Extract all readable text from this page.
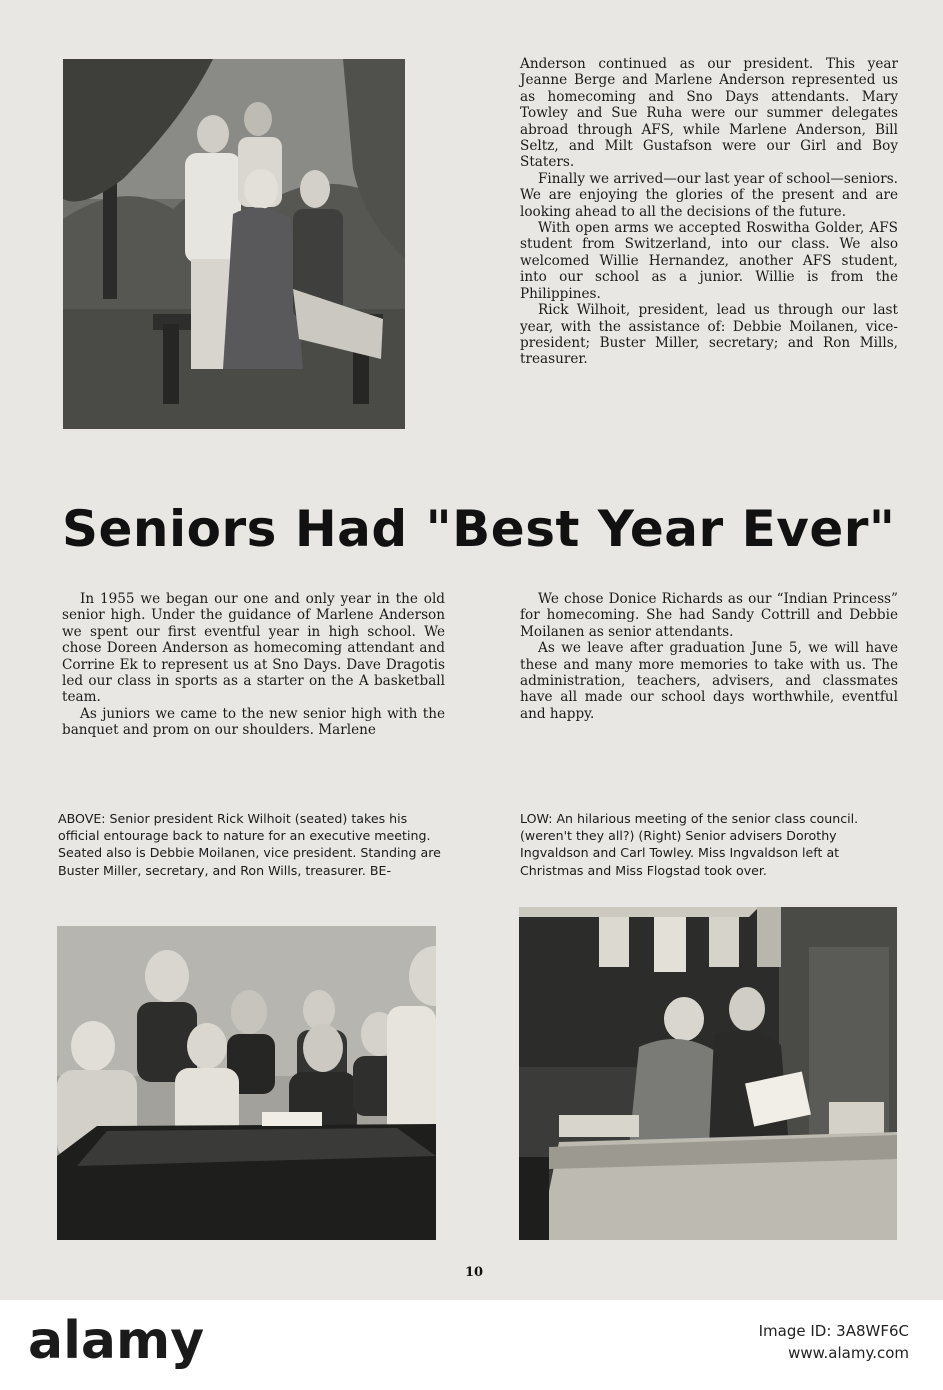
Anderson continued as our president. This year Jeanne Berge and Marlene Anderson represented us as homecoming and Sno Days attendants. Mary Towley and Sue Ruha were our summer delegates abroad through AFS, while Marlene Anderson, Bill Seltz, and Milt Gustafson were our Girl and Boy Staters.

Finally we arrived—our last year of school—seniors. We are enjoying the glories of the present and are looking ahead to all the decisions of the future.

With open arms we accepted Roswitha Golder, AFS student from Switzerland, into our class. We also welcomed Willie Hernandez, another AFS student, into our school as a junior. Willie is from the Philippines.

Rick Wilhoit, president, lead us through our last year, with the assistance of: Debbie Moilanen, vice-president; Buster Miller, secretary; and Ron Mills, treasurer.

Seniors Had "Best Year Ever"

In 1955 we began our one and only year in the old senior high. Under the guidance of Marlene Anderson we spent our first eventful year in high school. We chose Doreen Anderson as homecoming attendant and Corrine Ek to represent us at Sno Days. Dave Dragotis led our class in sports as a starter on the A basketball team.

As juniors we came to the new senior high with the banquet and prom on our shoulders. Marlene

We chose Donice Richards as our “Indian Princess” for homecoming. She had Sandy Cottrill and Debbie Moilanen as senior attendants.

As we leave after graduation June 5, we will have these and many more memories to take with us. The administration, teachers, advisers, and classmates have all made our school days worthwhile, eventful and happy.

ABOVE: Senior president Rick Wilhoit (seated) takes his official entourage back to nature for an executive meeting. Seated also is Debbie Moilanen, vice president. Standing are Buster Miller, secretary, and Ron Wills, treasurer. BE-

LOW: An hilarious meeting of the senior class council. (weren't they all?) (Right) Senior advisers Dorothy Ingvaldson and Carl Towley. Miss Ingvaldson left at Christmas and Miss Flogstad took over.

10
alamy	Image ID: 3A8WF6C
www.alamy.com
